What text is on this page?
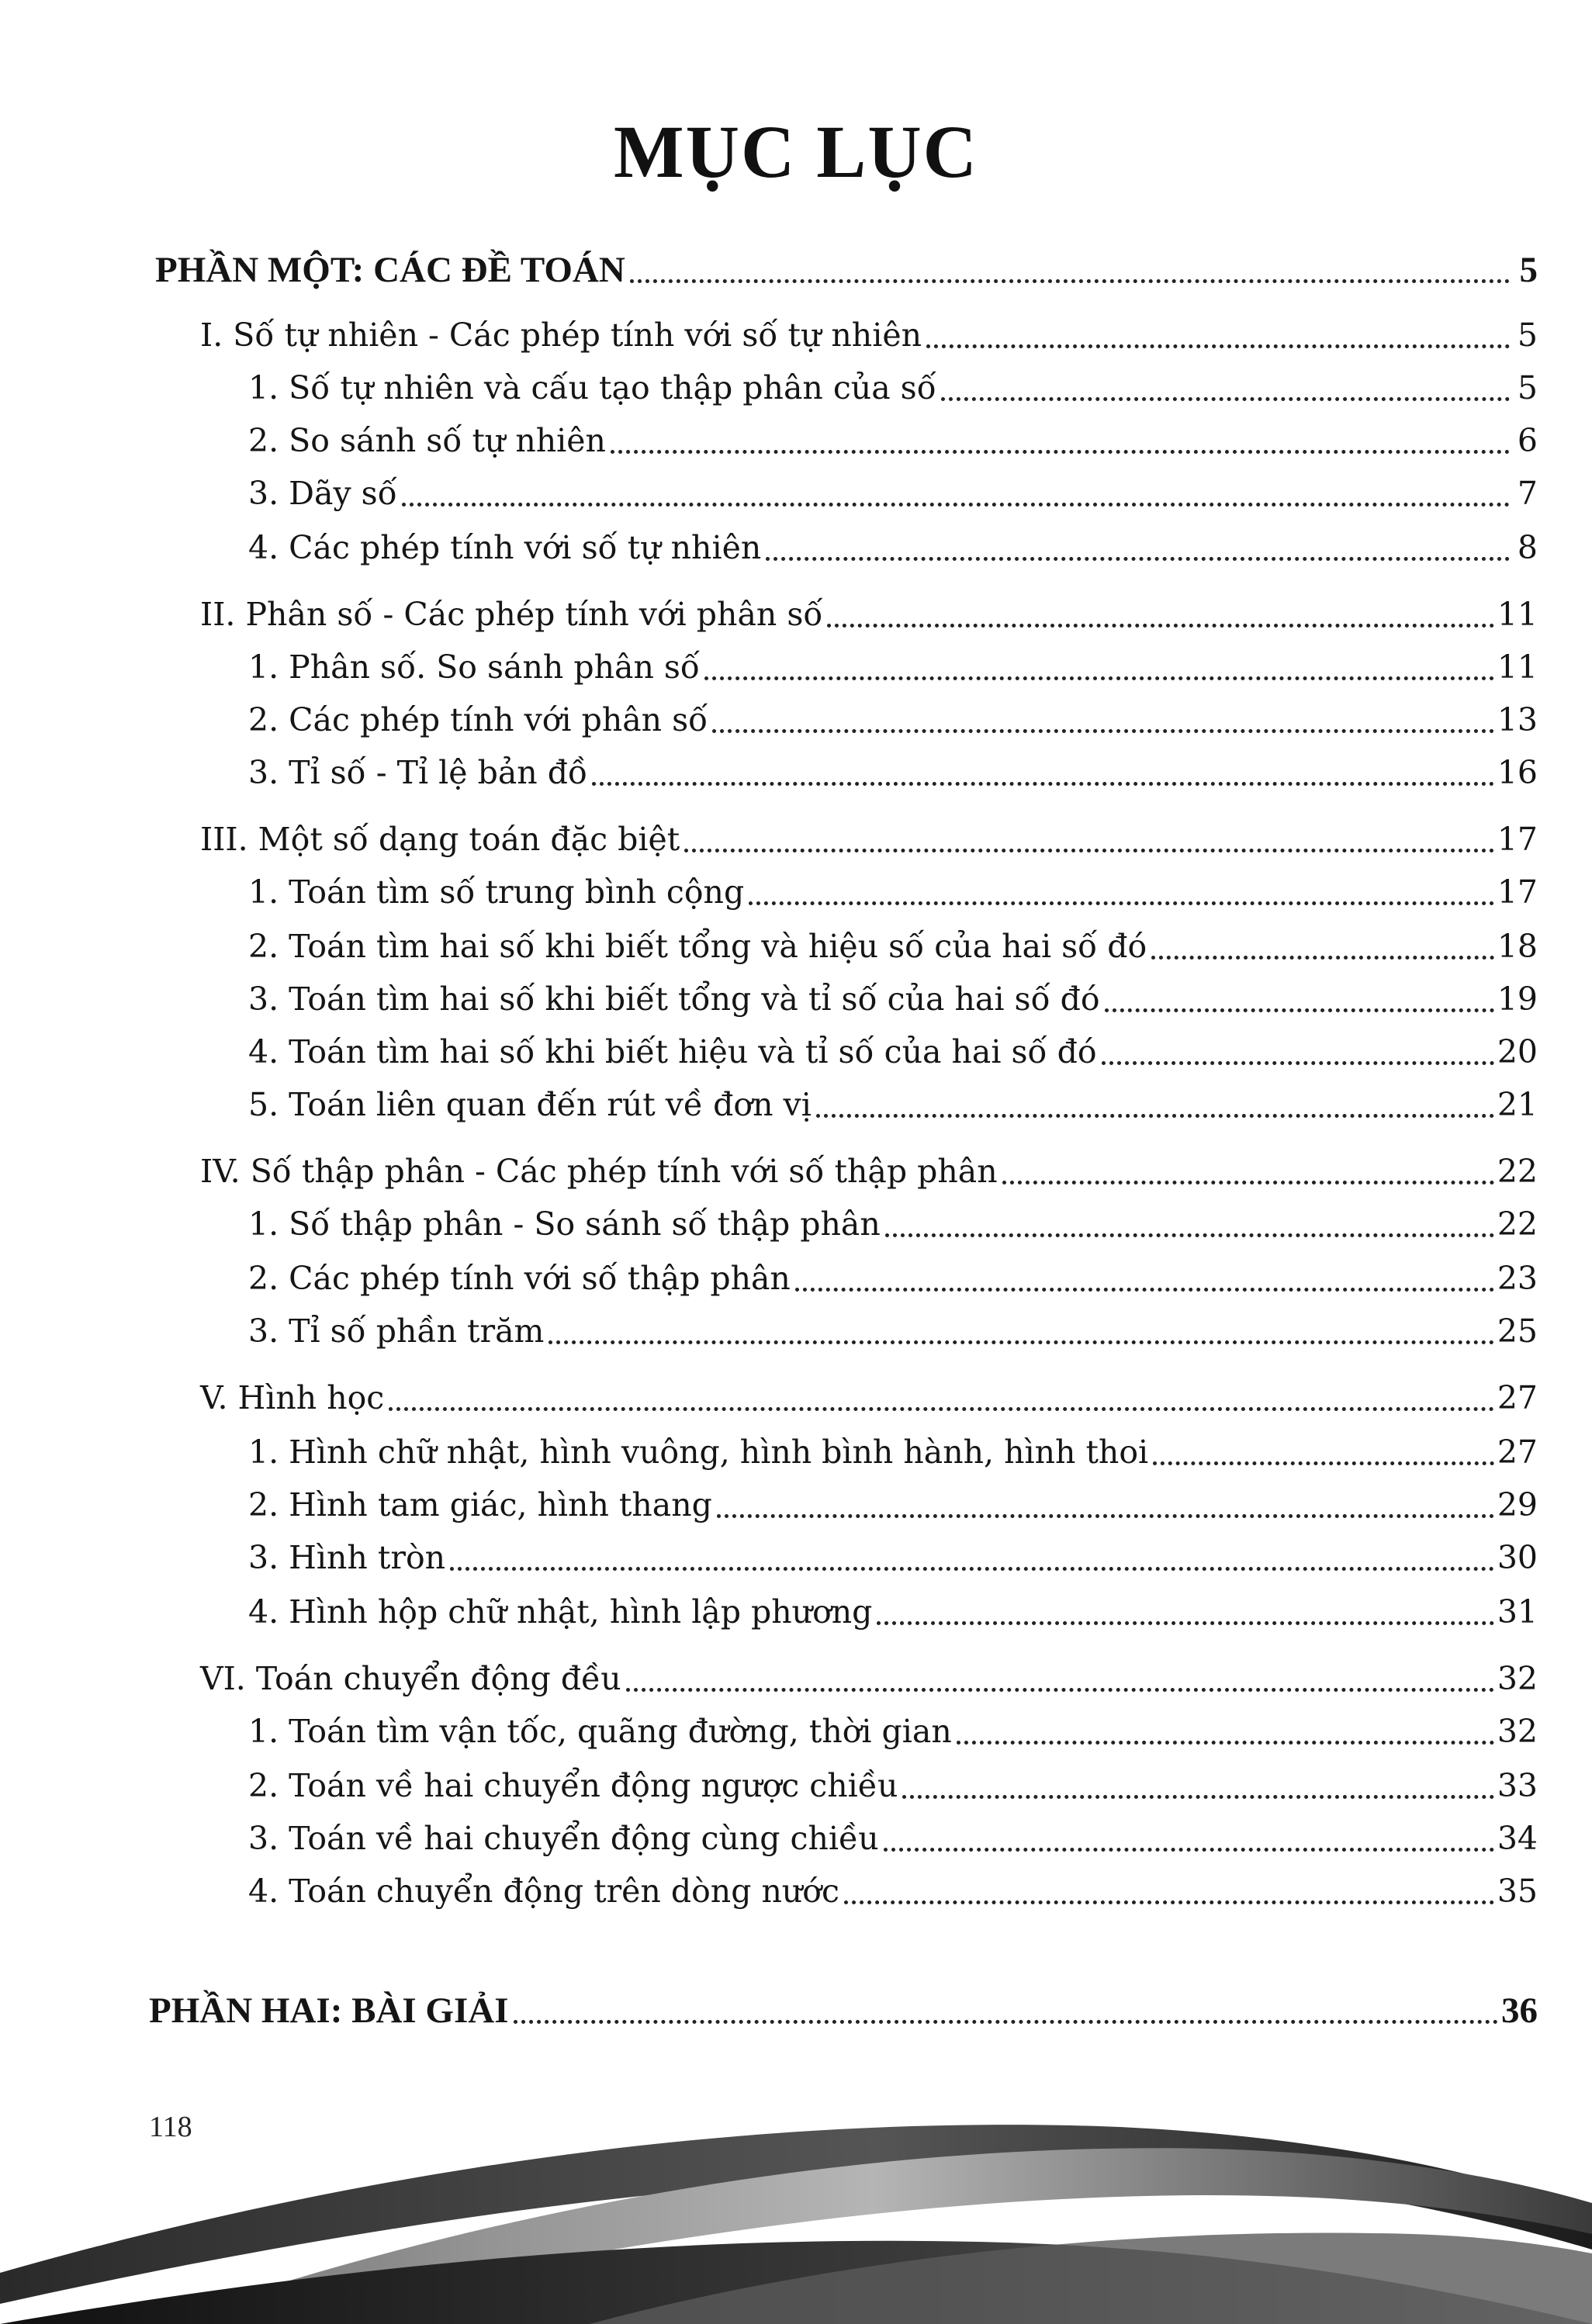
MỤC LỤC
PHẦN MỘT: CÁC ĐỀ TOÁN	5
I. Số tự nhiên - Các phép tính với số tự nhiên	5
1. Số tự nhiên và cấu tạo thập phân của số	5
2. So sánh số tự nhiên	6
3. Dãy số	7
4. Các phép tính với số tự nhiên	8
II. Phân số - Các phép tính với phân số	11
1. Phân số. So sánh phân số	11
2. Các phép tính với phân số	13
3. Tỉ số - Tỉ lệ bản đồ	16
III. Một số dạng toán đặc biệt	17
1. Toán tìm số trung bình cộng	17
2. Toán tìm hai số khi biết tổng và hiệu số của hai số đó	18
3. Toán tìm hai số khi biết tổng và tỉ số của hai số đó	19
4. Toán tìm hai số khi biết hiệu và tỉ số của hai số đó	20
5. Toán liên quan đến rút về đơn vị	21
IV. Số thập phân - Các phép tính với số thập phân	22
1. Số thập phân - So sánh số thập phân	22
2. Các phép tính với số thập phân	23
3. Tỉ số phần trăm	25
V. Hình học	27
1. Hình chữ nhật, hình vuông, hình bình hành, hình thoi	27
2. Hình tam giác, hình thang	29
3. Hình tròn	30
4. Hình hộp chữ nhật, hình lập phương	31
VI. Toán chuyển động đều	32
1. Toán tìm vận tốc, quãng đường, thời gian	32
2. Toán về hai chuyển động ngược chiều	33
3. Toán về hai chuyển động cùng chiều	34
4. Toán chuyển động trên dòng nước	35
PHẦN HAI: BÀI GIẢI	36
118
